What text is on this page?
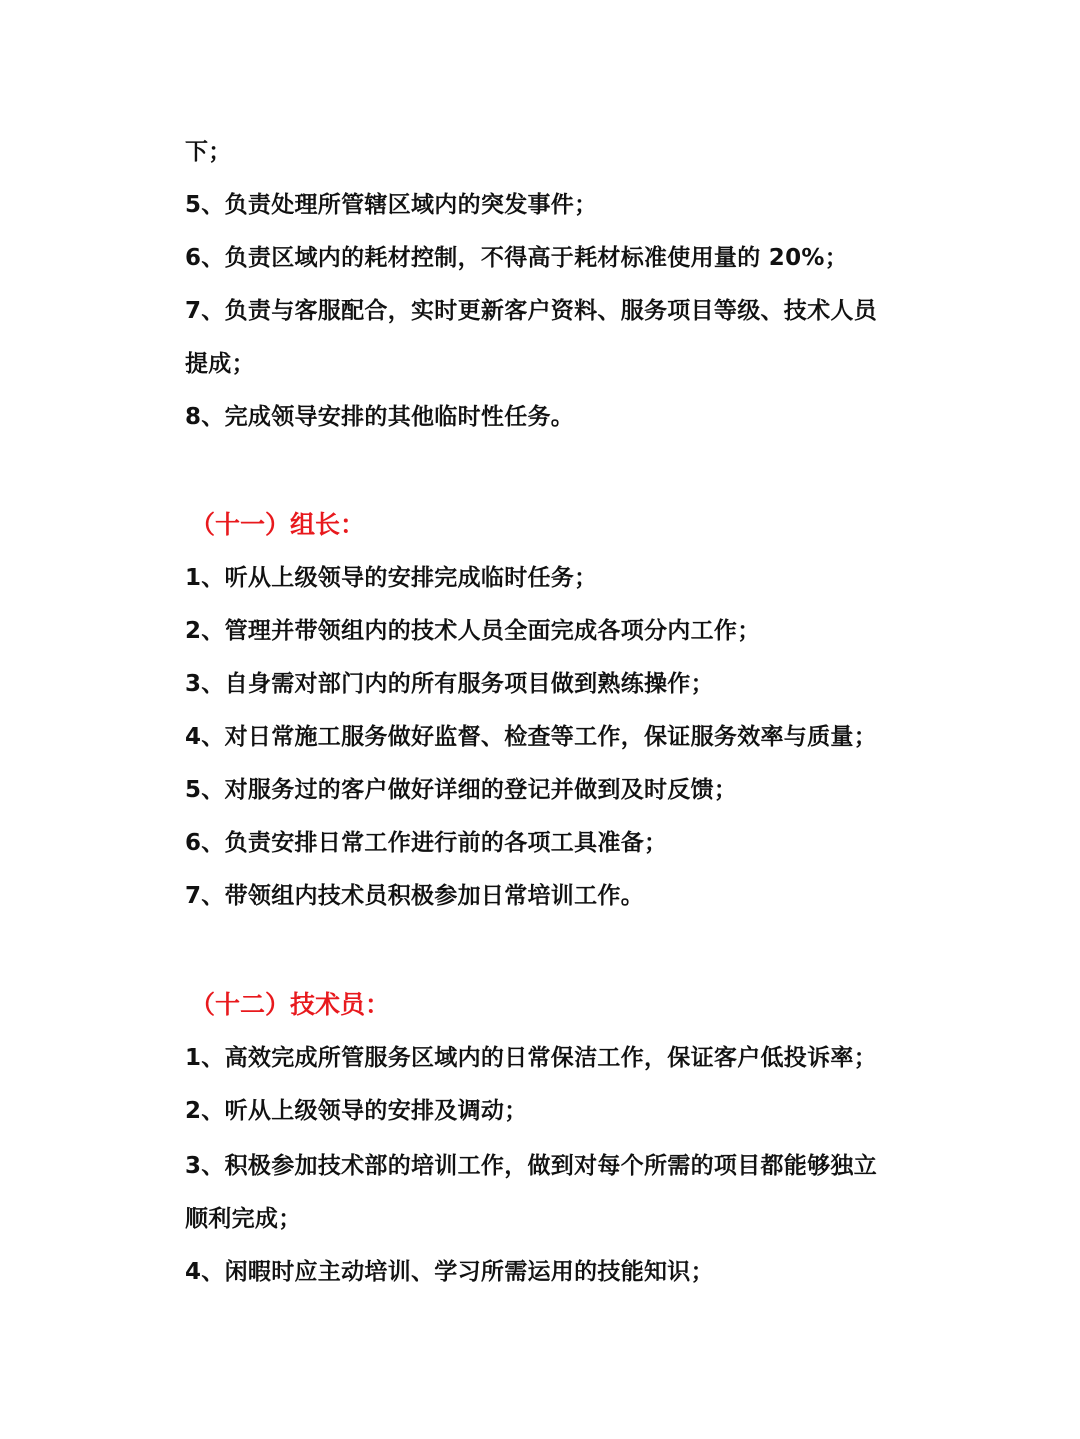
下；
5、负责处理所管辖区域内的突发事件；
6、负责区域内的耗材控制，不得高于耗材标准使用量的 20%；
7、负责与客服配合，实时更新客户资料、服务项目等级、技术人员
提成；
8、完成领导安排的其他临时性任务。
（十一）组长：
1、听从上级领导的安排完成临时任务；
2、管理并带领组内的技术人员全面完成各项分内工作；
3、自身需对部门内的所有服务项目做到熟练操作；
4、对日常施工服务做好监督、检查等工作，保证服务效率与质量；
5、对服务过的客户做好详细的登记并做到及时反馈；
6、负责安排日常工作进行前的各项工具准备；
7、带领组内技术员积极参加日常培训工作。
（十二）技术员：
1、高效完成所管服务区域内的日常保洁工作，保证客户低投诉率；
2、听从上级领导的安排及调动；
3、积极参加技术部的培训工作，做到对每个所需的项目都能够独立
顺利完成；
4、闲暇时应主动培训、学习所需运用的技能知识；
